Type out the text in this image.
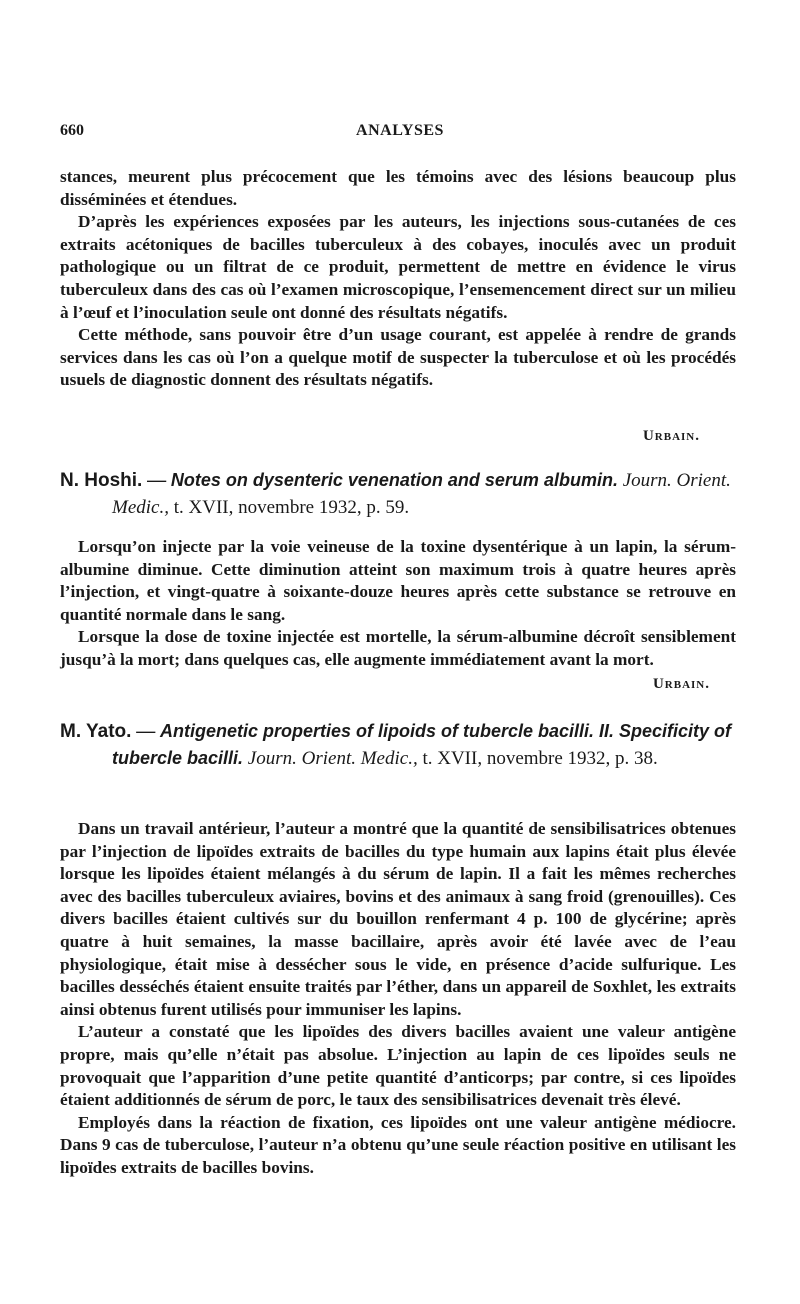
660	ANALYSES

stances, meurent plus précocement que les témoins avec des lésions beaucoup plus disséminées et étendues.

D’après les expériences exposées par les auteurs, les injections sous-cutanées de ces extraits acétoniques de bacilles tuberculeux à des cobayes, inoculés avec un produit pathologique ou un filtrat de ce produit, permettent de mettre en évidence le virus tuberculeux dans des cas où l’examen microscopique, l’ensemencement direct sur un milieu à l’œuf et l’inoculation seule ont donné des résultats négatifs.

Cette méthode, sans pouvoir être d’un usage courant, est appelée à rendre de grands services dans les cas où l’on a quelque motif de suspecter la tuberculose et où les procédés usuels de diagnostic donnent des résultats négatifs.

Urbain.
N. Hoshi. — Notes on dysenteric venenation and serum albumin. Journ. Orient. Medic., t. XVII, novembre 1932, p. 59.

Lorsqu’on injecte par la voie veineuse de la toxine dysentérique à un lapin, la sérum-albumine diminue. Cette diminution atteint son maximum trois à quatre heures après l’injection, et vingt-quatre à soixante-douze heures après cette substance se retrouve en quantité normale dans le sang.

Lorsque la dose de toxine injectée est mortelle, la sérum-albumine décroît sensiblement jusqu’à la mort; dans quelques cas, elle augmente immédiatement avant la mort.

Urbain.
M. Yato. — Antigenetic properties of lipoids of tubercle bacilli. II. Specificity of tubercle bacilli. Journ. Orient. Medic., t. XVII, novembre 1932, p. 38.

Dans un travail antérieur, l’auteur a montré que la quantité de sensibilisatrices obtenues par l’injection de lipoïdes extraits de bacilles du type humain aux lapins était plus élevée lorsque les lipoïdes étaient mélangés à du sérum de lapin. Il a fait les mêmes recherches avec des bacilles tuberculeux aviaires, bovins et des animaux à sang froid (grenouilles). Ces divers bacilles étaient cultivés sur du bouillon renfermant 4 p. 100 de glycérine; après quatre à huit semaines, la masse bacillaire, après avoir été lavée avec de l’eau physiologique, était mise à dessécher sous le vide, en présence d’acide sulfurique. Les bacilles desséchés étaient ensuite traités par l’éther, dans un appareil de Soxhlet, les extraits ainsi obtenus furent utilisés pour immuniser les lapins.

L’auteur a constaté que les lipoïdes des divers bacilles avaient une valeur antigène propre, mais qu’elle n’était pas absolue. L’injection au lapin de ces lipoïdes seuls ne provoquait que l’apparition d’une petite quantité d’anticorps; par contre, si ces lipoïdes étaient additionnés de sérum de porc, le taux des sensibilisatrices devenait très élevé.

Employés dans la réaction de fixation, ces lipoïdes ont une valeur antigène médiocre. Dans 9 cas de tuberculose, l’auteur n’a obtenu qu’une seule réaction positive en utilisant les lipoïdes extraits de bacilles bovins.
